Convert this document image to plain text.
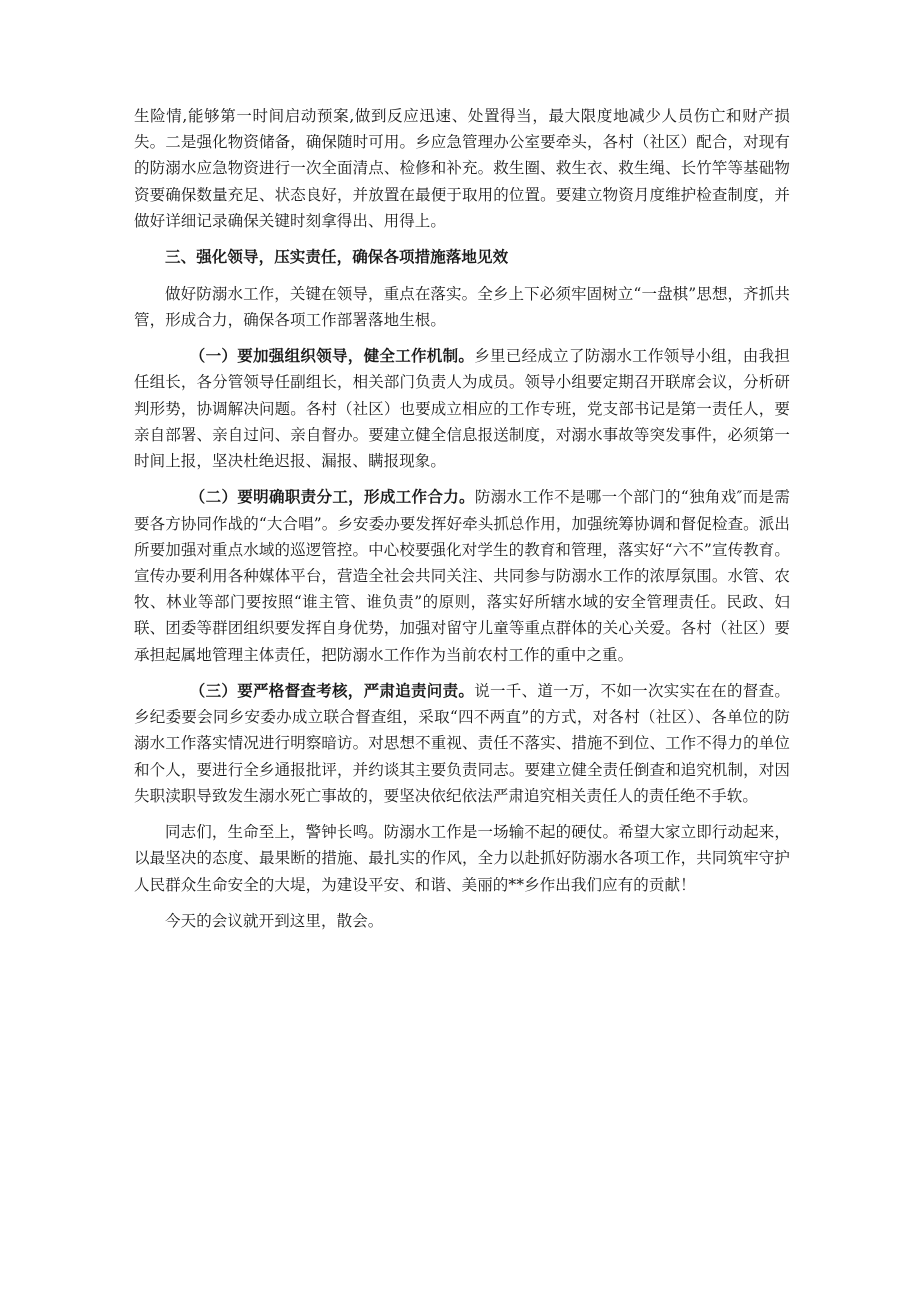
生险情,能够第一时间启动预案,做到反应迅速、处置得当，最大限度地减少人员伤亡和财产损失。二是强化物资储备，确保随时可用。乡应急管理办公室要牵头，各村（社区）配合，对现有的防溺水应急物资进行一次全面清点、检修和补充。救生圈、救生衣、救生绳、长竹竿等基础物资要确保数量充足、状态良好，并放置在最便于取用的位置。要建立物资月度维护检查制度，并做好详细记录确保关键时刻拿得出、用得上。

三、强化领导，压实责任，确保各项措施落地见效

做好防溺水工作，关键在领导，重点在落实。全乡上下必须牢固树立“一盘棋”思想，齐抓共管，形成合力，确保各项工作部署落地生根。

（一）要加强组织领导，健全工作机制。乡里已经成立了防溺水工作领导小组，由我担任组长，各分管领导任副组长，相关部门负责人为成员。领导小组要定期召开联席会议，分析研判形势，协调解决问题。各村（社区）也要成立相应的工作专班，党支部书记是第一责任人，要亲自部署、亲自过问、亲自督办。要建立健全信息报送制度，对溺水事故等突发事件，必须第一时间上报，坚决杜绝迟报、漏报、瞒报现象。

（二）要明确职责分工，形成工作合力。防溺水工作不是哪一个部门的“独角戏″而是需要各方协同作战的“大合唱”。乡安委办要发挥好牵头抓总作用，加强统筹协调和督促检查。派出所要加强对重点水域的巡逻管控。中心校要强化对学生的教育和管理，落实好“六不”宣传教育。宣传办要利用各种媒体平台，营造全社会共同关注、共同参与防溺水工作的浓厚氛围。水管、农牧、林业等部门要按照“谁主管、谁负责”的原则，落实好所辖水域的安全管理责任。民政、妇联、团委等群团组织要发挥自身优势，加强对留守儿童等重点群体的关心关爱。各村（社区）要承担起属地管理主体责任，把防溺水工作作为当前农村工作的重中之重。

（三）要严格督查考核，严肃追责问责。说一千、道一万，不如一次实实在在的督查。乡纪委要会同乡安委办成立联合督查组，采取“四不两直”的方式，对各村（社区）、各单位的防溺水工作落实情况进行明察暗访。对思想不重视、责任不落实、措施不到位、工作不得力的单位和个人，要进行全乡通报批评，并约谈其主要负责同志。要建立健全责任倒查和追究机制，对因失职渎职导致发生溺水死亡事故的，要坚决依纪依法严肃追究相关责任人的责任绝不手软。

同志们，生命至上，警钟长鸣。防溺水工作是一场输不起的硬仗。希望大家立即行动起来，以最坚决的态度、最果断的措施、最扎实的作风，全力以赴抓好防溺水各项工作，共同筑牢守护人民群众生命安全的大堤，为建设平安、和谐、美丽的**乡作出我们应有的贡献！

今天的会议就开到这里，散会。
